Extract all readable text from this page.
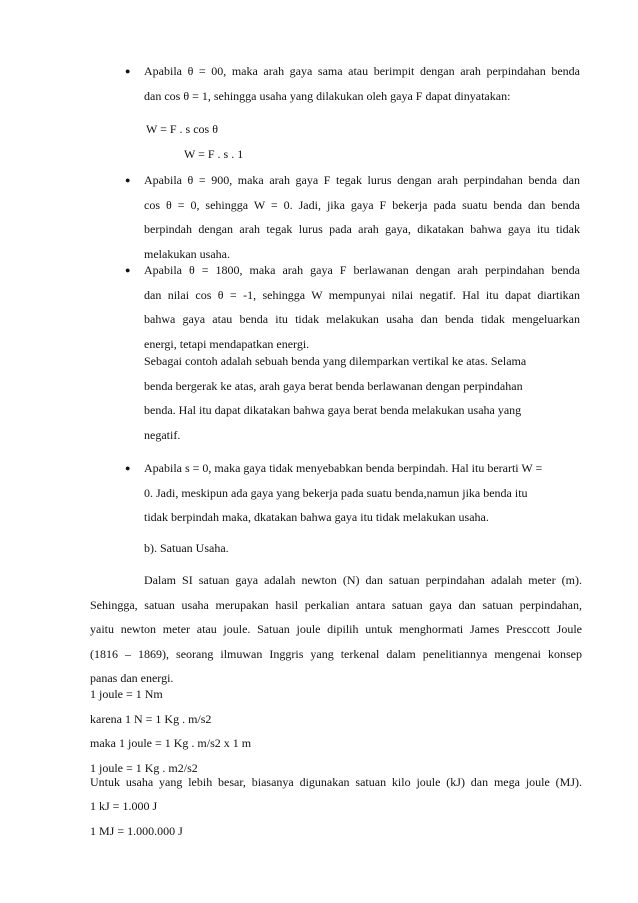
● Apabila θ = 00, maka arah gaya sama atau berimpit dengan arah perpindahan benda
dan cos θ = 1, sehingga usaha yang dilakukan oleh gaya F dapat dinyatakan:
W = F . s cos θ
W = F . s . 1
● Apabila θ = 900, maka arah gaya F tegak lurus dengan arah perpindahan benda dan
cos θ = 0, sehingga W = 0. Jadi, jika gaya F bekerja pada suatu benda dan benda
berpindah dengan arah tegak lurus pada arah gaya, dikatakan bahwa gaya itu tidak
melakukan usaha.
● Apabila θ = 1800, maka arah gaya F berlawanan dengan arah perpindahan benda
dan nilai cos θ = -1, sehingga W mempunyai nilai negatif. Hal itu dapat diartikan
bahwa gaya atau benda itu tidak melakukan usaha dan benda tidak mengeluarkan
energi, tetapi mendapatkan energi.
Sebagai contoh adalah sebuah benda yang dilemparkan vertikal ke atas. Selama
benda bergerak ke atas, arah gaya berat benda berlawanan dengan perpindahan
benda. Hal itu dapat dikatakan bahwa gaya berat benda melakukan usaha yang
negatif.
● Apabila s = 0, maka gaya tidak menyebabkan benda berpindah. Hal itu berarti W =
0. Jadi, meskipun ada gaya yang bekerja pada suatu benda,namun jika benda itu
tidak berpindah maka, dkatakan bahwa gaya itu tidak melakukan usaha.
b). Satuan Usaha.
Dalam SI satuan gaya adalah newton (N) dan satuan perpindahan adalah meter (m).
Sehingga, satuan usaha merupakan hasil perkalian antara satuan gaya dan satuan perpindahan,
yaitu newton meter atau joule. Satuan joule dipilih untuk menghormati James Presccott Joule
(1816 – 1869), seorang ilmuwan Inggris yang terkenal dalam penelitiannya mengenai konsep
panas dan energi.
1 joule = 1 Nm
karena 1 N = 1 Kg . m/s2
maka 1 joule = 1 Kg . m/s2 x 1 m
1 joule = 1 Kg . m2/s2
Untuk usaha yang lebih besar, biasanya digunakan satuan kilo joule (kJ) dan mega joule (MJ).
1 kJ = 1.000 J
1 MJ = 1.000.000 J
